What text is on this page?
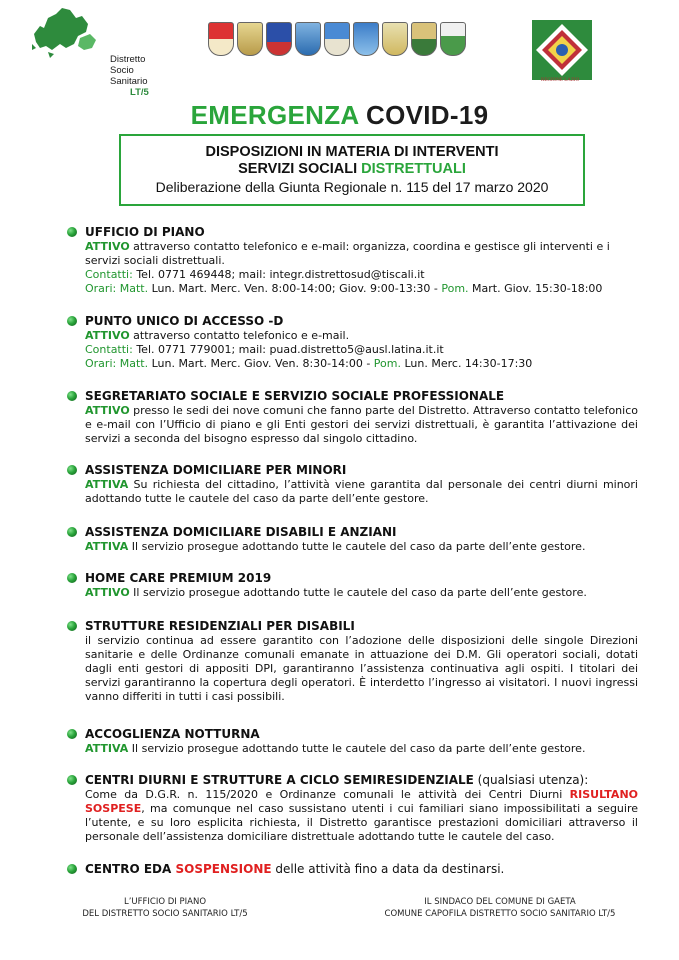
Distretto
Socio Sanitario
LT/5
REGIONE LAZIO
EMERGENZA COVID-19
DISPOSIZIONI IN MATERIA DI INTERVENTI
SERVIZI SOCIALI DISTRETTUALI
Deliberazione della Giunta Regionale n. 115 del 17 marzo 2020
UFFICIO DI PIANO
ATTIVO attraverso contatto telefonico e e-mail: organizza, coordina e gestisce gli interventi e i servizi sociali distrettuali.
Contatti: Tel. 0771 469448; mail: integr.distrettosud@tiscali.it
Orari: Matt. Lun. Mart. Merc. Ven. 8:00-14:00; Giov. 9:00-13:30 - Pom. Mart. Giov. 15:30-18:00
PUNTO UNICO DI ACCESSO -D
ATTIVO attraverso contatto telefonico e e-mail.
Contatti: Tel. 0771 779001; mail: puad.distretto5@ausl.latina.it.it
Orari: Matt. Lun. Mart. Merc. Giov. Ven. 8:30-14:00 - Pom. Lun. Merc. 14:30-17:30
SEGRETARIATO SOCIALE E SERVIZIO SOCIALE PROFESSIONALE
ATTIVO presso le sedi dei nove comuni che fanno parte del Distretto. Attraverso contatto telefonico e e-mail con l’Ufficio di piano e gli Enti gestori dei servizi distrettuali, è garantita l’attivazione dei servizi a seconda del bisogno espresso dal singolo cittadino.
ASSISTENZA DOMICILIARE PER MINORI
ATTIVA Su richiesta del cittadino, l’attività viene garantita dal personale dei centri diurni minori adottando tutte le cautele del caso da parte dell’ente gestore.
ASSISTENZA DOMICILIARE DISABILI E ANZIANI
ATTIVA Il servizio prosegue adottando tutte le cautele del caso da parte dell’ente gestore.
HOME CARE PREMIUM 2019
ATTIVO Il servizio prosegue adottando tutte le cautele del caso da parte dell’ente gestore.
STRUTTURE RESIDENZIALI PER DISABILI
il servizio continua ad essere garantito con l’adozione delle disposizioni delle singole Direzioni sanitarie e delle Ordinanze comunali emanate in attuazione dei D.M. Gli operatori sociali, dotati dagli enti gestori di appositi DPI, garantiranno l’assistenza continuativa agli ospiti. I titolari dei servizi garantiranno la copertura degli operatori. È interdetto l’ingresso ai visitatori. I nuovi ingressi vanno differiti in tutti i casi possibili.
ACCOGLIENZA NOTTURNA
ATTIVA Il servizio prosegue adottando tutte le cautele del caso da parte dell’ente gestore.
CENTRI DIURNI E STRUTTURE A CICLO SEMIRESIDENZIALE (qualsiasi utenza):
Come da D.G.R. n. 115/2020 e Ordinanze comunali le attività dei Centri Diurni RISULTANO SOSPESE, ma comunque nel caso sussistano utenti i cui familiari siano impossibilitati a seguire l’utente, e su loro esplicita richiesta, il Distretto garantisce prestazioni domiciliari attraverso il personale dell’assistenza domiciliare distrettuale adottando tutte le cautele del caso.
CENTRO EDA SOSPENSIONE delle attività fino a data da destinarsi.
L’UFFICIO DI PIANO
DEL DISTRETTO SOCIO SANITARIO LT/5
IL SINDACO DEL COMUNE DI GAETA
COMUNE CAPOFILA DISTRETTO SOCIO SANITARIO LT/5
